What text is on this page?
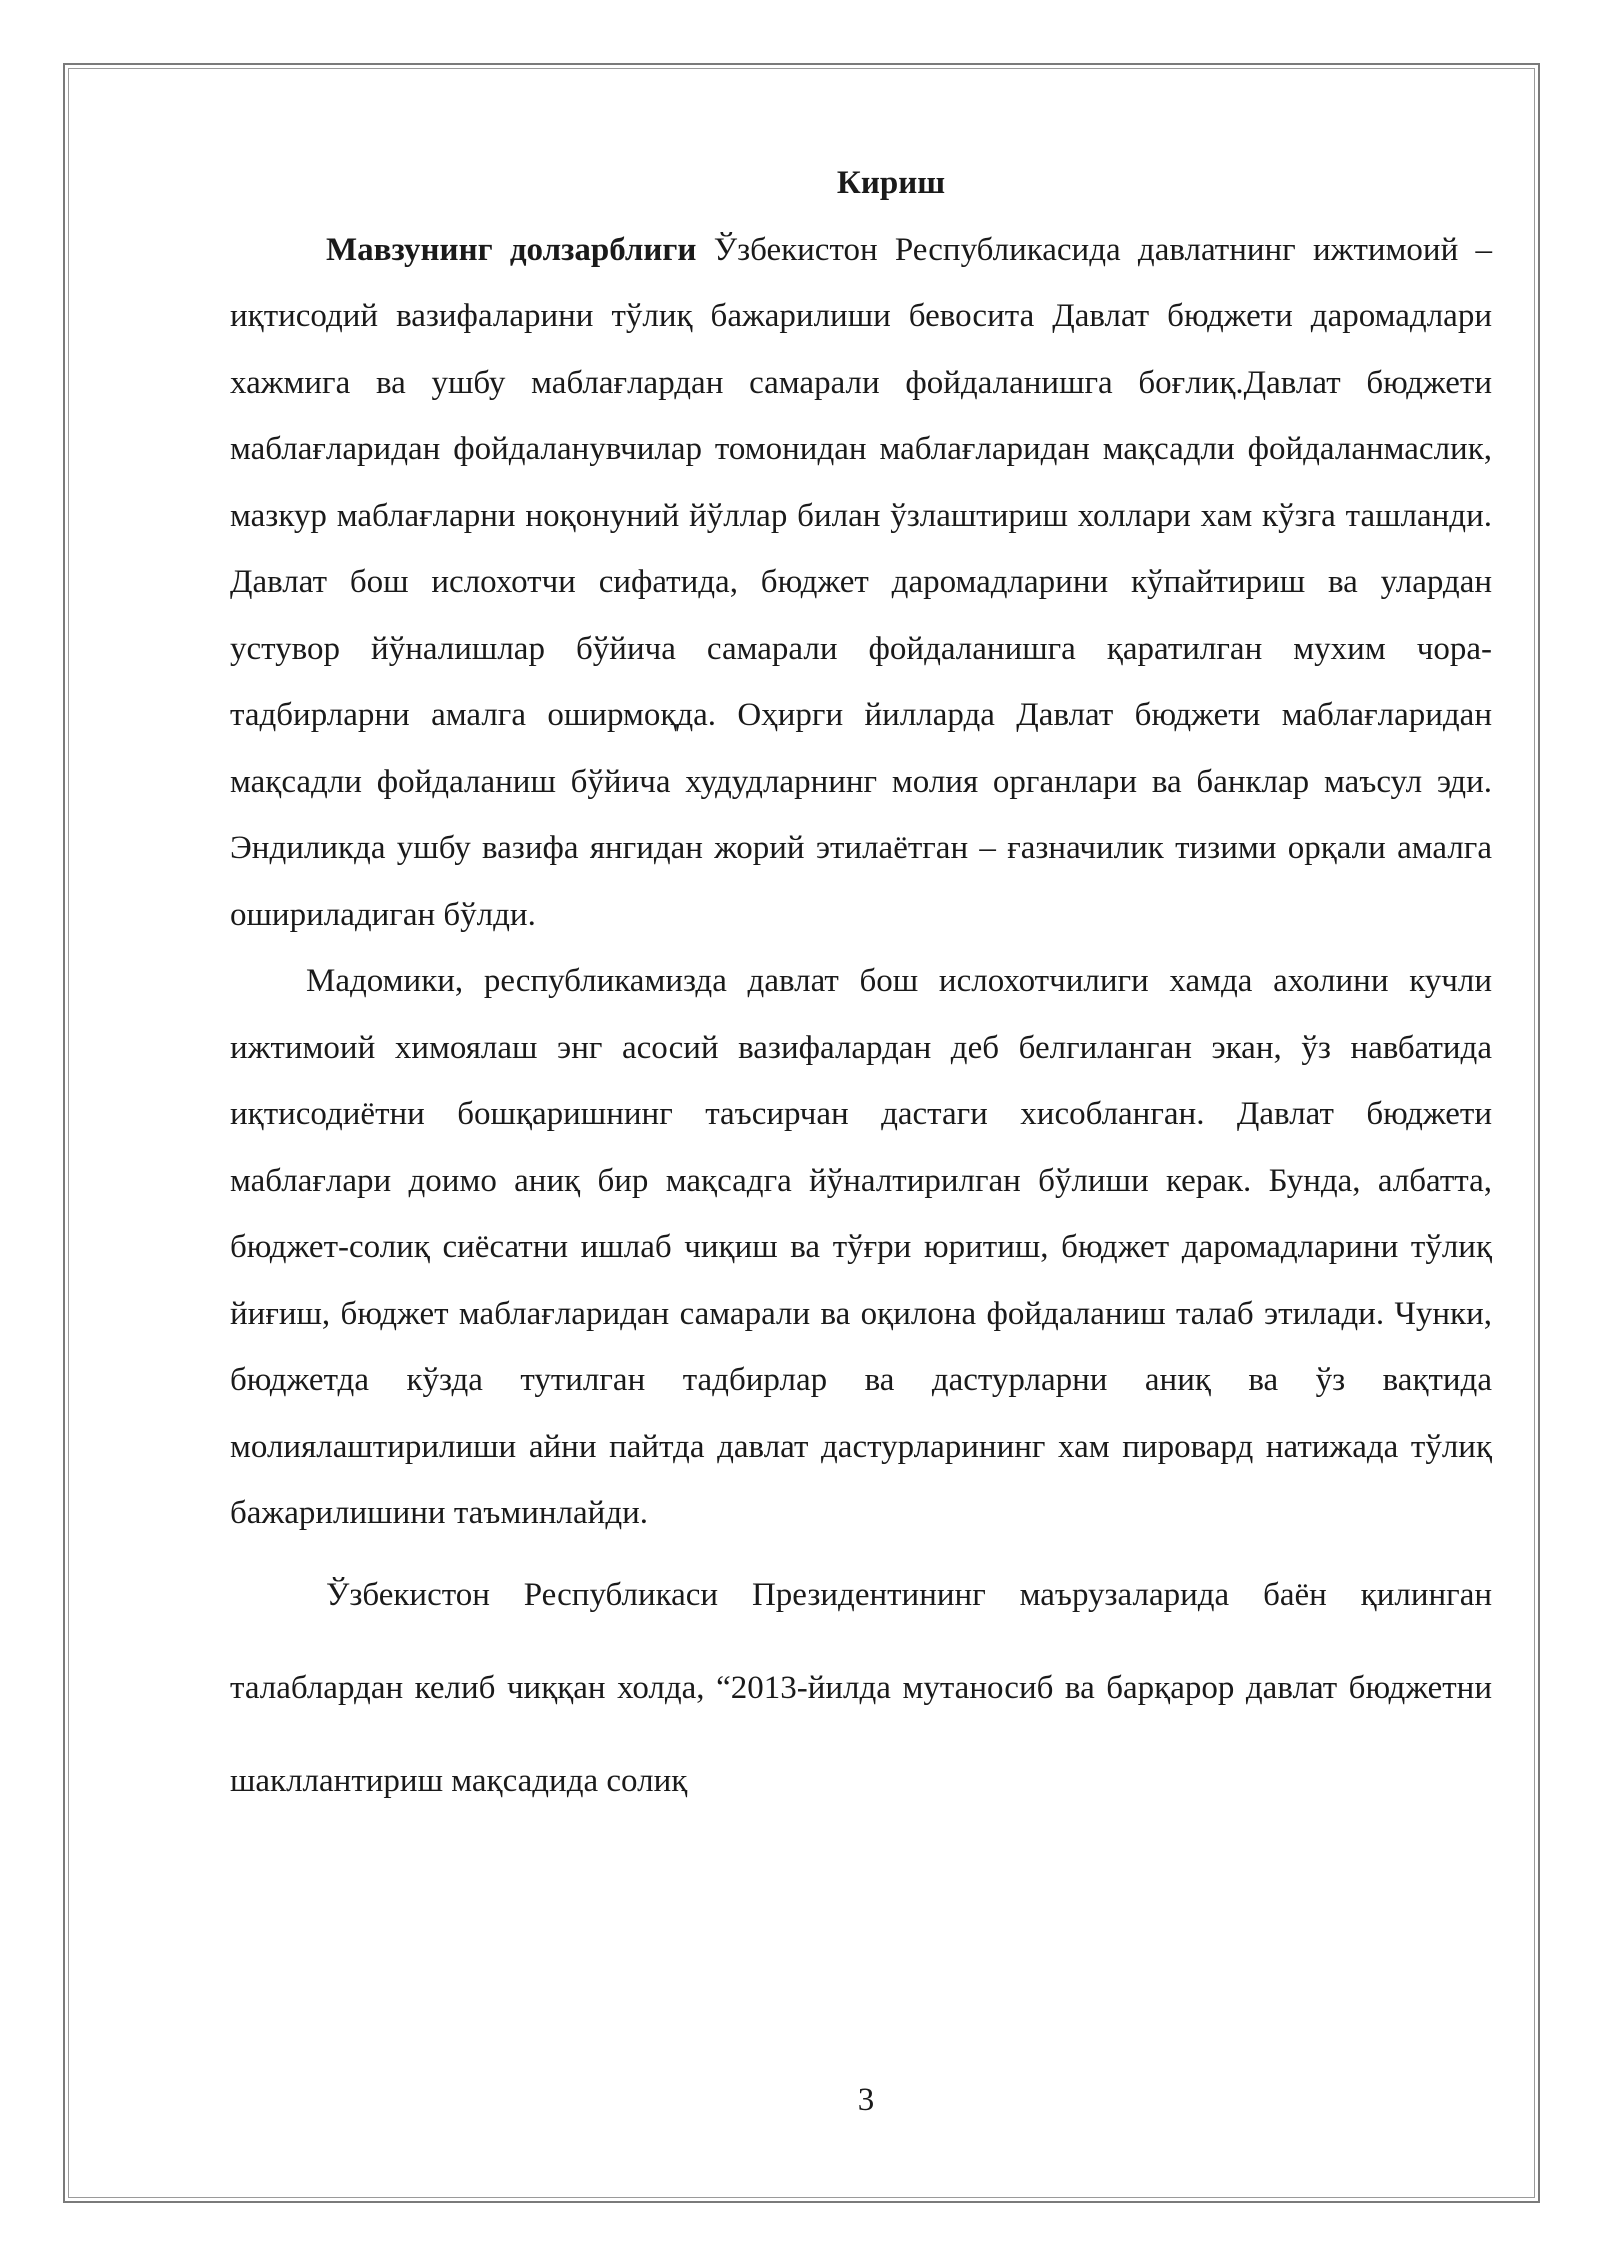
Кириш

Мавзунинг долзарблиги Ўзбекистон Республикасида давлатнинг ижтимоий – иқтисодий вазифаларини тўлиқ бажарилиши бевосита Давлат бюджети даромадлари хажмига ва ушбу маблағлардан самарали фойдаланишга боғлиқ.Давлат бюджети маблағларидан фойдаланувчилар томонидан маблағларидан мақсадли фойдаланмаслик, мазкур маблағларни ноқонуний йўллар билан ўзлаштириш холлари хам кўзга ташланди. Давлат бош ислохотчи сифатида, бюджет даромадларини кўпайтириш ва улардан устувор йўналишлар бўйича самарали фойдаланишга қаратилган мухим чора-тадбирларни амалга оширмоқда. Оҳирги йилларда Давлат бюджети маблағларидан мақсадли фойдаланиш бўйича худудларнинг молия органлари ва банклар маъсул эди. Эндиликда ушбу вазифа янгидан жорий этилаётган – ғазначилик тизими орқали амалга ошириладиган бўлди.

Мадомики, республикамизда давлат бош ислохотчилиги хамда ахолини кучли ижтимоий химоялаш энг асосий вазифалардан деб белгиланган экан, ўз навбатида иқтисодиётни бошқаришнинг таъсирчан дастаги хисобланган. Давлат бюджети маблағлари доимо аниқ бир мақсадга йўналтирилган бўлиши керак. Бунда, албатта, бюджет-солиқ сиёсатни ишлаб чиқиш ва тўғри юритиш, бюджет даромадларини тўлиқ йиғиш, бюджет маблағларидан самарали ва оқилона фойдаланиш талаб этилади. Чунки, бюджетда кўзда тутилган тадбирлар ва дастурларни аниқ ва ўз вақтида молиялаштирилиши айни пайтда давлат дастурларининг хам пировард натижада тўлиқ бажарилишини таъминлайди.

Ўзбекистон Республикаси Президентининг маърузаларида баён қилинган талаблардан келиб чиққан холда, “2013-йилда мутаносиб ва барқарор давлат бюджетни шакллантириш мақсадида солиқ

3
